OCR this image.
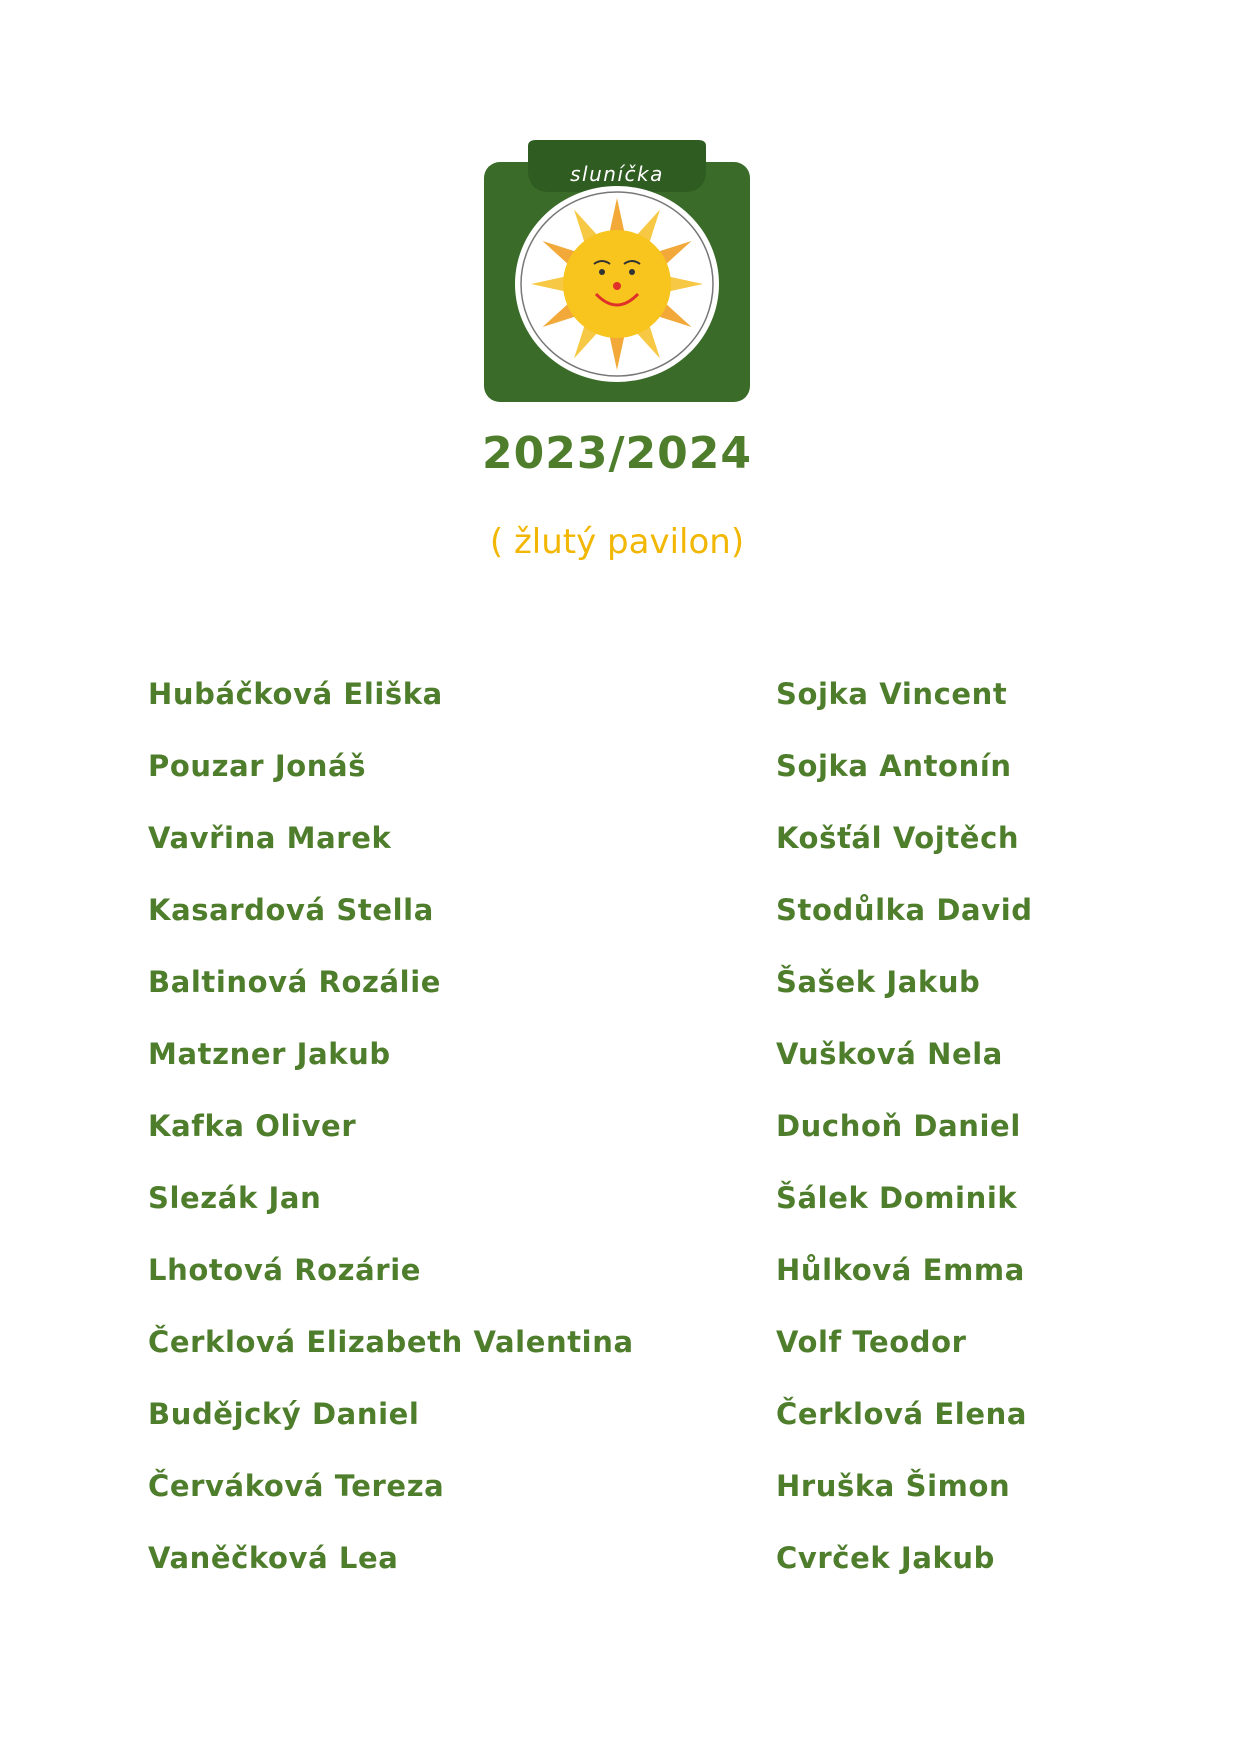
sluníčka
2023/2024
( žlutý pavilon)
Hubáčková Eliška
Pouzar Jonáš
Vavřina Marek
Kasardová Stella
Baltinová Rozálie
Matzner Jakub
Kafka Oliver
Slezák Jan
Lhotová Rozárie
Čerklová Elizabeth Valentina
Budějcký Daniel
Červáková Tereza
Vaněčková Lea
Sojka Vincent
Sojka Antonín
Košťál Vojtěch
Stodůlka David
Šašek Jakub
Vušková Nela
Duchoň Daniel
Šálek Dominik
Hůlková Emma
Volf Teodor
Čerklová Elena
Hruška Šimon
Cvrček Jakub
